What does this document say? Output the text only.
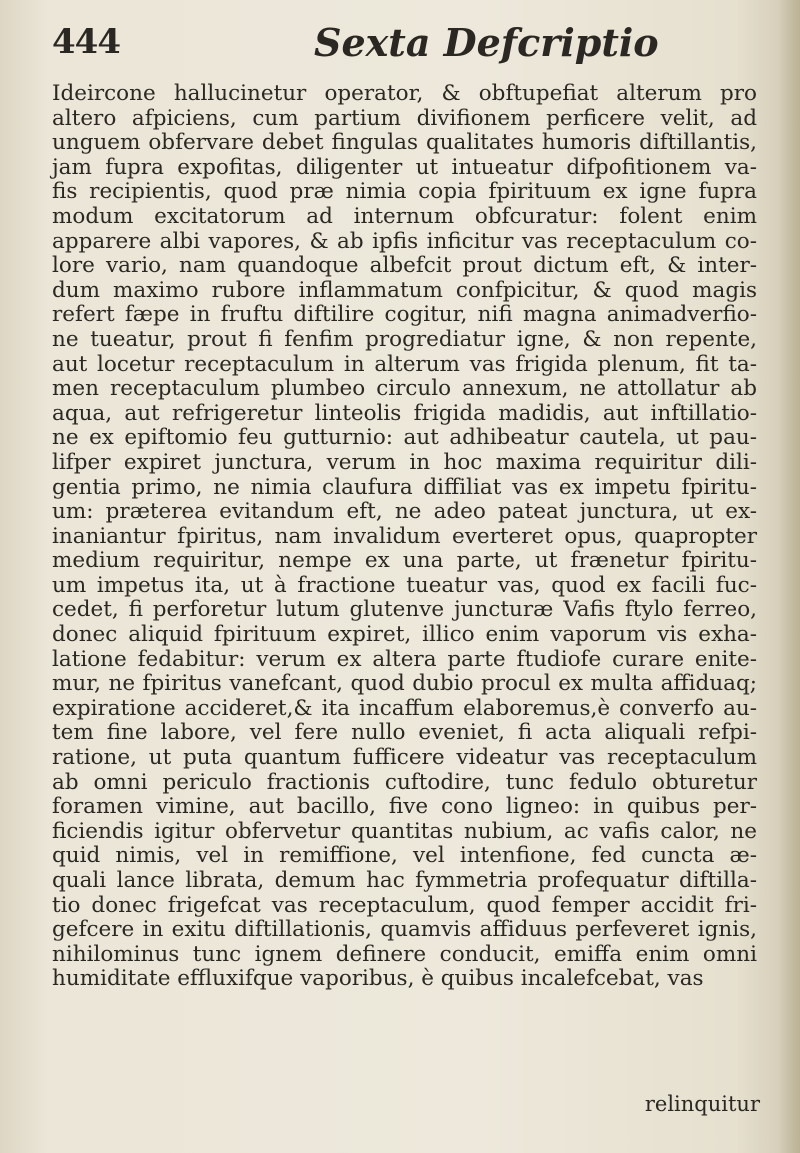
444	Sexta Defcriptio
Ideircone hallucinetur operator, & obftupefiat alterum pro
altero afpiciens, cum partium divifionem perficere velit, ad
unguem obfervare debet fingulas qualitates humoris diftillantis,
jam fupra expofitas, diligenter ut intueatur difpofitionem va-
fis recipientis, quod præ nimia copia fpirituum ex igne fupra
modum excitatorum ad internum obfcuratur: folent enim
apparere albi vapores, & ab ipfis inficitur vas receptaculum co-
lore vario, nam quandoque albefcit prout dictum eft, & inter-
dum maximo rubore inflammatum confpicitur, & quod magis
refert fæpe in fruftu diftilire cogitur, nifi magna animadverfio-
ne tueatur, prout fi fenfim progrediatur igne, & non repente,
aut locetur receptaculum in alterum vas frigida plenum, fit ta-
men receptaculum plumbeo circulo annexum, ne attollatur ab
aqua, aut refrigeretur linteolis frigida madidis, aut inftillatio-
ne ex epiftomio feu gutturnio: aut adhibeatur cautela, ut pau-
lifper expiret junctura, verum in hoc maxima requiritur dili-
gentia primo, ne nimia claufura diffiliat vas ex impetu fpiritu-
um: præterea evitandum eft, ne adeo pateat junctura, ut ex-
inaniantur fpiritus, nam invalidum everteret opus, quapropter
medium requiritur, nempe ex una parte, ut frænetur fpiritu-
um impetus ita, ut à fractione tueatur vas, quod ex facili fuc-
cedet, fi perforetur lutum glutenve juncturæ Vafis ftylo ferreo,
donec aliquid fpirituum expiret, illico enim vaporum vis exha-
latione fedabitur: verum ex altera parte ftudiofe curare enite-
mur, ne fpiritus vanefcant, quod dubio procul ex multa affiduaq;
expiratione accideret,& ita incaffum elaboremus,è converfo au-
tem fine labore, vel fere nullo eveniet, fi acta aliquali refpi-
ratione, ut puta quantum fufficere videatur vas receptaculum
ab omni periculo fractionis cuftodire, tunc fedulo obturetur
foramen vimine, aut bacillo, five cono ligneo: in quibus per-
ficiendis igitur obfervetur quantitas nubium, ac vafis calor, ne
quid nimis, vel in remiffione, vel intenfione, fed cuncta æ-
quali lance librata, demum hac fymmetria profequatur diftilla-
tio donec frigefcat vas receptaculum, quod femper accidit fri-
gefcere in exitu diftillationis, quamvis affiduus perfeveret ignis,
nihilominus tunc ignem definere conducit, emiffa enim omni
humiditate effluxifque vaporibus, è quibus incalefcebat, vas
relinquitur
